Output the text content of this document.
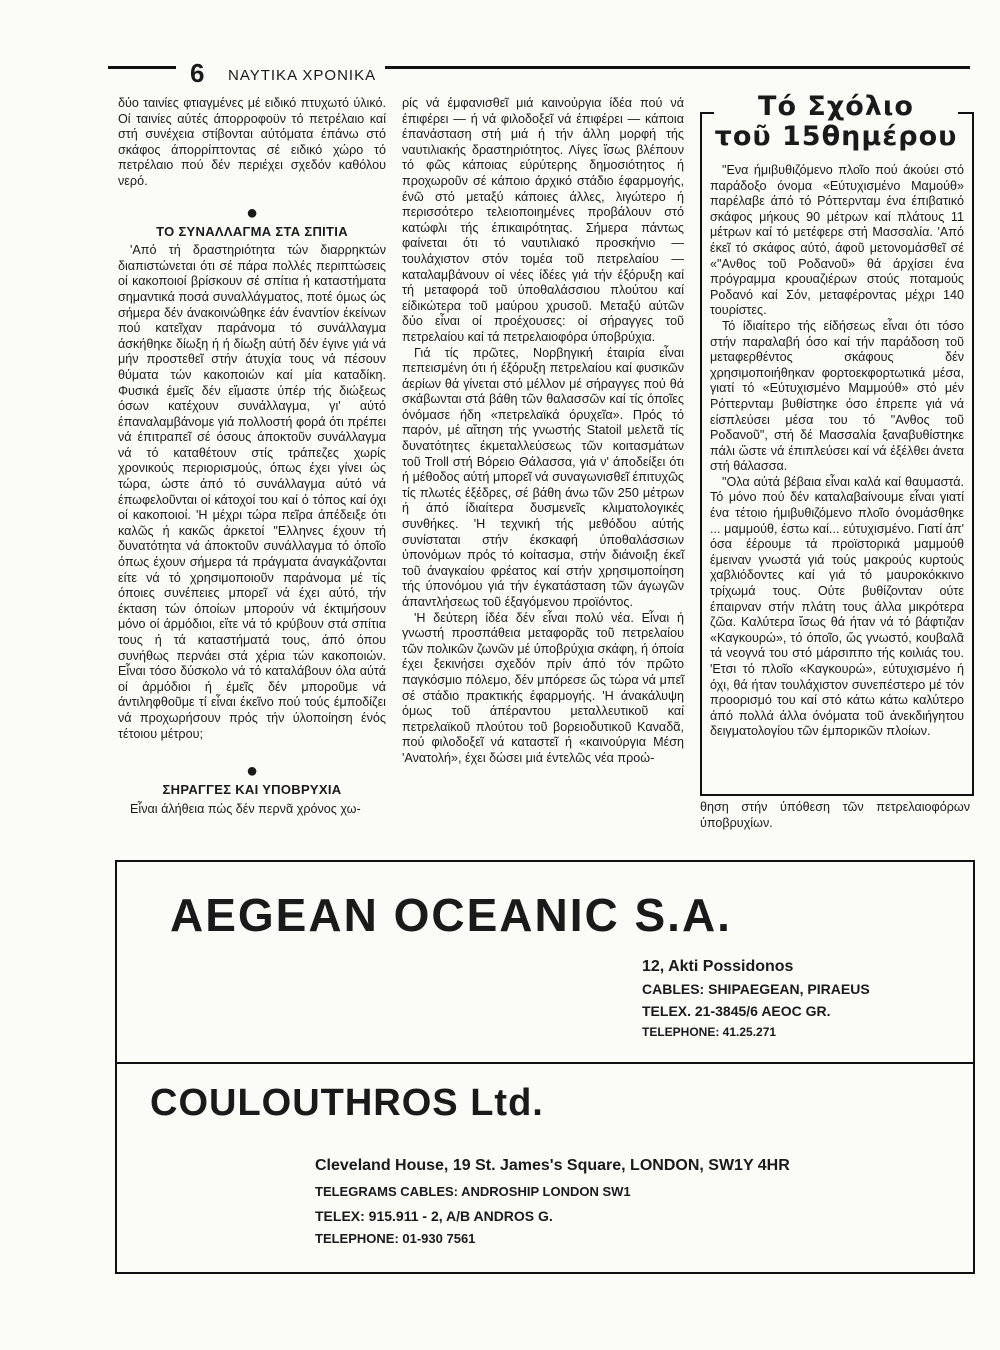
6 ΝΑΥΤΙΚΑ ΧΡΟΝΙΚΑ

δύο ταινίες φτιαγμένες μέ ειδικό πτυχωτό ύλικό. Οί ταινίες αύτές άπορροφοϋν τό πετρέλαιο καί στή συνέχεια στίβονται αύτόματα έπάνω στό σκάφος άπορρίπτοντας σέ ειδικό χώρο τό πετρέλαιο πού δέν περιέχει σχεδόν καθόλου νερό.

●
ΤΟ ΣΥΝΑΛΛΑΓΜΑ ΣΤΑ ΣΠΙΤΙΑ

'Από τή δραστηριότητα τών διαρρηκτών διαπιστώνεται ότι σέ πάρα πολλές περιπτώσεις οί κακοποιοί βρίσκουν σέ σπίτια ή καταστήματα σημαντικά ποσά συναλλάγματος, ποτέ όμως ώς σήμερα δέν άνακοινώθηκε έάν έναντίον έκείνων πού κατεῖχαν παράνομα τό συνάλλαγμα άσκήθηκε δίωξη ή ή δίωξη αύτή δέν έγινε γιά νά μήν προστεθεῖ στήν άτυχία τους νά πέσουν θύματα τών κακοποιών καί μία καταδίκη. Φυσικά έμεῖς δέν εἴμαστε ύπέρ τής διώξεως όσων κατέχουν συνάλλαγμα, γι' αύτό έπαναλαμβάνομε γιά πολλοστή φορά ότι πρέπει νά έπιτραπεῖ σέ όσους άποκτοῦν συνάλλαγμα νά τό καταθέτουν στίς τράπεζες χωρίς χρονικούς περιορισμούς, όπως έχει γίνει ώς τώρα, ώστε άπό τό συνάλλαγμα αύτό νά έπωφελοῦνται οί κάτοχοί του καί ό τόπος καί όχι οί κακοποιοί. 'Η μέχρι τώρα πεῖρα άπέδειξε ότι καλῶς ή κακῶς άρκετοί "Ελληνες έχουν τή δυνατότητα νά άποκτοῦν συνάλλαγμα τό όποῖο όπως έχουν σήμερα τά πράγματα άναγκάζονται είτε νά τό χρησιμοποιοῦν παράνομα μέ τίς όποιες συνέπειες μπορεῖ νά έχει αύτό, τήν έκταση τών όποίων μπορούν νά έκτιμήσουν μόνο οί άρμόδιοι, εἴτε νά τό κρύβουν στά σπίτια τους ή τά καταστήματά τους, άπό όπου συνήθως περνάει στά χέρια τών κακοποιών. Εἶναι τόσο δύσκολο νά τό καταλάβουν όλα αύτά οί άρμόδιοι ή έμεῖς δέν μποροῦμε νά άντιληφθοῦμε τί εἶναι έκεῖνο πού τούς έμποδίζει νά προχωρήσουν πρός τήν ύλοποίηση ένός τέτοιου μέτρου;

●
ΣΗΡΑΓΓΕΣ ΚΑΙ ΥΠΟΒΡΥΧΙΑ

Εἶναι άλήθεια πώς δέν περνᾶ χρόνος χω-

ρίς νά έμφανισθεῖ μιά καινούργια ίδέα πού νά έπιφέρει — ή νά φιλοδοξεῖ νά έπιφέρει — κάποια έπανάσταση στή μιά ή τήν άλλη μορφή τής ναυτιλιακής δραστηριότητος. Λίγες ἴσως βλέπουν τό φῶς κάποιας εύρύτερης δημοσιότητος ή προχωροῦν σέ κάποιο άρχικό στάδιο έφαρμογής, ένῶ στό μεταξύ κάποιες άλλες, λιγώτερο ή περισσότερο τελειοποιημένες προβάλουν στό κατώφλι τής έπικαιρότητας. Σήμερα πάντως φαίνεται ότι τό ναυτιλιακό προσκήνιο — τουλάχιστον στόν τομέα τοῦ πετρελαίου — καταλαμβάνουν οί νέες ίδέες γιά τήν έξόρυξη καί τή μεταφορά τοῦ ύποθαλάσσιου πλούτου καί είδικώτερα τοῦ μαύρου χρυσοῦ. Μεταξύ αύτῶν δύο εἶναι οί προέχουσες: οί σήραγγες τοῦ πετρελαίου καί τά πετρελαιοφόρα ύποβρύχια.

Γιά τίς πρῶτες, Νορβηγική έταιρία εἶναι πεπεισμένη ότι ή έξόρυξη πετρελαίου καί φυσικῶν άερίων θά γίνεται στό μέλλον μέ σήραγγες πού θά σκάβωνται στά βάθη τῶν θαλασσῶν καί τίς όποῖες όνόμασε ήδη «πετρελαϊκά όρυχεῖα». Πρός τό παρόν, μέ αἴτηση τής γνωστής Statoil μελετᾶ τίς δυνατότητες έκμεταλλεύσεως τῶν κοιτασμάτων τοῦ Troll στή Βόρειο Θάλασσα, γιά ν' άποδείξει ότι ή μέθοδος αύτή μπορεῖ νά συναγωνισθεῖ έπιτυχῶς τίς πλωτές έξέδρες, σέ βάθη άνω τῶν 250 μέτρων ή άπό ίδιαίτερα δυσμενεῖς κλιματολογικές συνθήκες. 'Η τεχνική τής μεθόδου αύτής συνίσταται στήν έκσκαφή ύποθαλάσσιων ύπονόμων πρός τό κοίτασμα, στήν διάνοιξη έκεῖ τοῦ άναγκαίου φρέατος καί στήν χρησιμοποίηση τής ύπονόμου γιά τήν έγκατάσταση τῶν άγωγῶν άπαντλήσεως τοῦ έξαγόμενου προϊόντος.

'Η δεύτερη ίδέα δέν εἶναι πολύ νέα. Εἶναι ή γνωστή προσπάθεια μεταφορᾶς τοῦ πετρελαίου τῶν πολικῶν ζωνῶν μέ ύποβρύχια σκάφη, ή όποία έχει ξεκινήσει σχεδόν πρίν άπό τόν πρῶτο παγκόσμιο πόλεμο, δέν μπόρεσε ὥς τώρα νά μπεῖ σέ στάδιο πρακτικής έφαρμογής. 'Η άνακάλυψη όμως τοῦ άπέραντου μεταλλευτικοῦ καί πετρελαϊκοῦ πλούτου τοῦ βορειοδυτικοῦ Καναδᾶ, πού φιλοδοξεῖ νά καταστεῖ ή «καινούργια Μέση 'Ανατολή», έχει δώσει μιά έντελῶς νέα προώ-

Τό Σχόλιο
τοῦ 15θημέρου

"Ενα ήμιβυθιζόμενο πλοῖο πού άκούει στό παράδοξο όνομα «Εύτυχισμένο Μαμούθ» παρέλαβε άπό τό Ρόττερνταμ ένα έπιβατικό σκάφος μήκους 90 μέτρων καί πλάτους 11 μέτρων καί τό μετέφερε στή Μασσαλία. 'Από έκεῖ τό σκάφος αύτό, άφοῦ μετονομάσθεῖ σέ «"Ανθος τοῦ Ροδανοῦ» θά άρχίσει ένα πρόγραμμα κρουαζιέρων στούς ποταμούς Ροδανό καί Σόν, μεταφέροντας μέχρι 140 τουρίστες.

Τό ίδιαίτερο τής είδήσεως εἶναι ότι τόσο στήν παραλαβή όσο καί τήν παράδοση τοῦ μεταφερθέντος σκάφους δέν χρησιμοποιήθηκαν φορτοεκφορτωτικά μέσα, γιατί τό «Εύτυχισμένο Μαμμούθ» στό μέν Ρόττερνταμ βυθίστηκε όσο έπρεπε γιά νά είσπλεύσει μέσα του τό "Ανθος τοῦ Ροδανοῦ", στή δέ Μασσαλία ξαναβυθίστηκε πάλι ὥστε νά έπιπλεύσει καί νά έξέλθει άνετα στή θάλασσα.

"Ολα αύτά βέβαια εἶναι καλά καί θαυμαστά. Τό μόνο πού δέν καταλαβαίνουμε εἶναι γιατί ένα τέτοιο ήμιβυθιζόμενο πλοῖο όνομάσθηκε ... μαμμούθ, έστω καί... εύτυχισμένο. Γιατί άπ' όσα έέρουμε τά προϊστορικά μαμμούθ έμειναν γνωστά γιά τούς μακρούς κυρτούς χαβλιόδοντες καί γιά τό μαυροκόκκινο τρίχωμά τους. Ούτε βυθίζονταν ούτε έπαιρναν στήν πλάτη τους άλλα μικρότερα ζῶα. Καλύτερα ἴσως θά ήταν νά τό βάφτιζαν «Καγκουρώ», τό όποῖο, ὥς γνωστό, κουβαλᾶ τά νεογνά του στό μάρσιππο τής κοιλιάς του. 'Ετσι τό πλοῖο «Καγκουρώ», εύτυχισμένο ή όχι, θά ήταν τουλάχιστον συνεπέστερο μέ τόν προορισμό του καί στό κάτω κάτω καλύτερο άπό πολλά άλλα όνόματα τοῦ άνεκδιήγητου δειγματολογίου τῶν έμπορικῶν πλοίων.

θηση στήν ύπόθεση τῶν πετρελαιοφόρων ύποβρυχίων.

AEGEAN OCEANIC S.A.
12, Akti Possidonos
CABLES: SHIPAEGEAN, PIRAEUS
TELEX. 21-3845/6 AEOC GR.
TELEPHONE: 41.25.271
COULOUTHROS Ltd.
Cleveland House, 19 St. James's Square, LONDON, SW1Y 4HR
TELEGRAMS CABLES: ANDROSHIP LONDON SW1
TELEX: 915.911 - 2, A/B ANDROS G.
TELEPHONE: 01-930 7561
